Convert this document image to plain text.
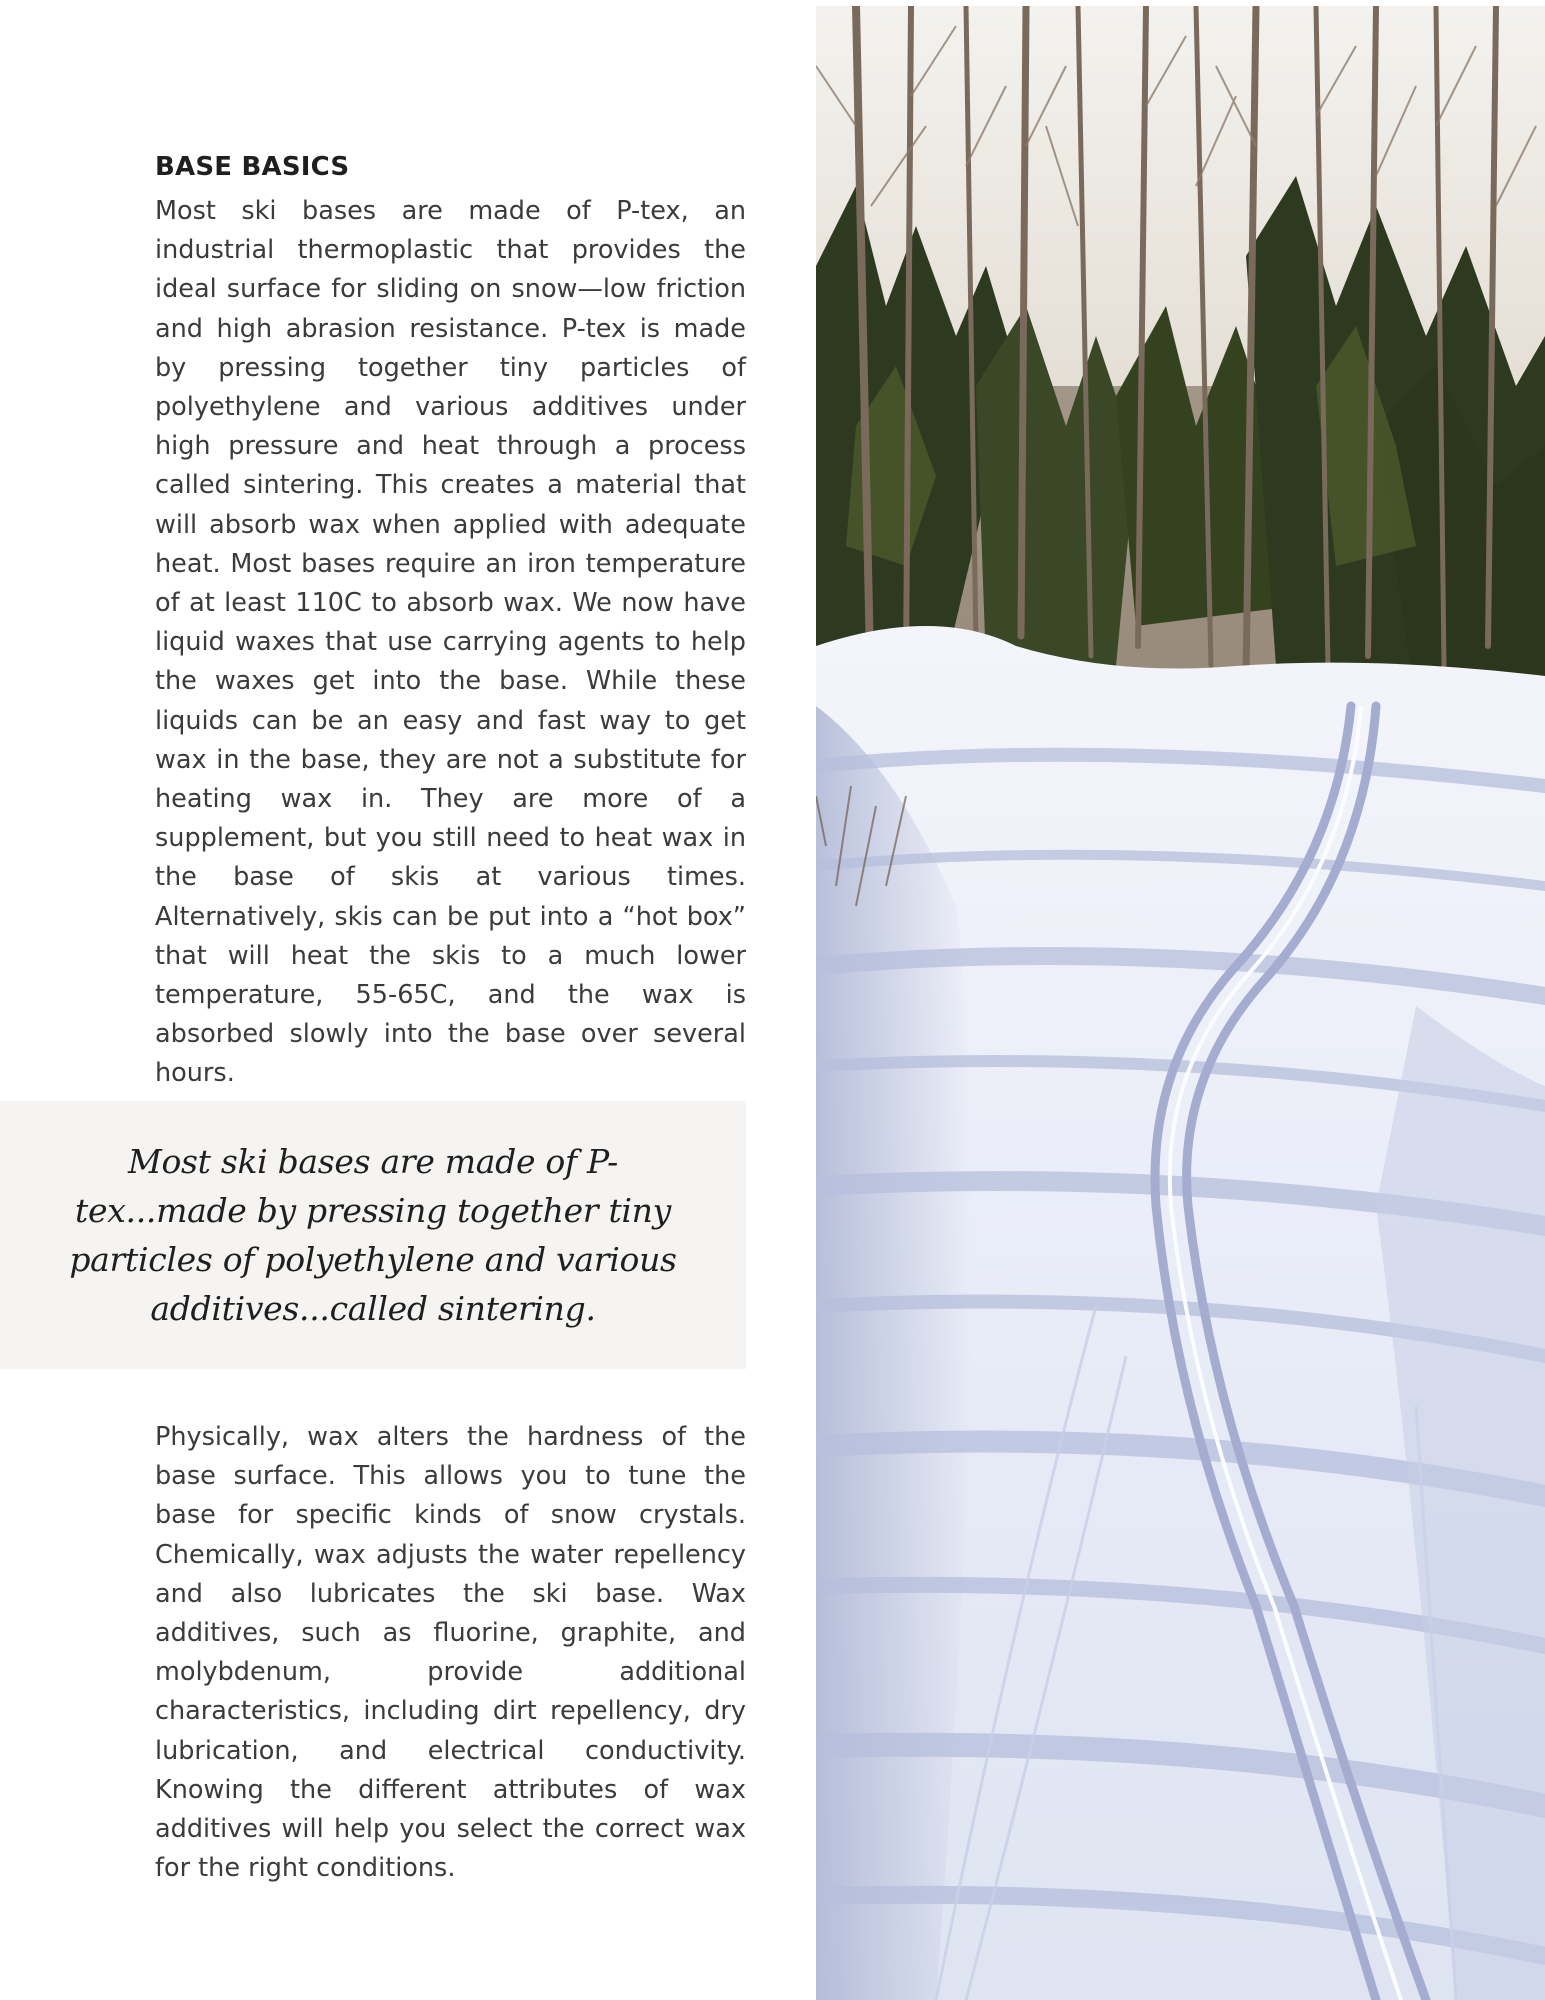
BASE BASICS

Most ski bases are made of P-tex, an industrial thermoplastic that provides the ideal surface for sliding on snow—low friction and high abrasion resistance. P-tex is made by pressing together tiny particles of polyethylene and various additives under high pressure and heat through a process called sintering. This creates a material that will absorb wax when applied with adequate heat. Most bases require an iron temperature of at least 110C to absorb wax. We now have liquid waxes that use carrying agents to help the waxes get into the base. While these liquids can be an easy and fast way to get wax in the base, they are not a substitute for heating wax in. They are more of a supplement, but you still need to heat wax in the base of skis at various times. Alternatively, skis can be put into a “hot box” that will heat the skis to a much lower temperature, 55-65C, and the wax is absorbed slowly into the base over several hours.

Most ski bases are made of P-tex...made by pressing together tiny particles of polyethylene and various additives...called sintering.

Physically, wax alters the hardness of the base surface. This allows you to tune the base for specific kinds of snow crystals. Chemically, wax adjusts the water repellency and also lubricates the ski base. Wax additives, such as fluorine, graphite, and molybdenum, provide additional characteristics, including dirt repellency, dry lubrication, and electrical conductivity. Knowing the different attributes of wax additives will help you select the correct wax for the right conditions.
